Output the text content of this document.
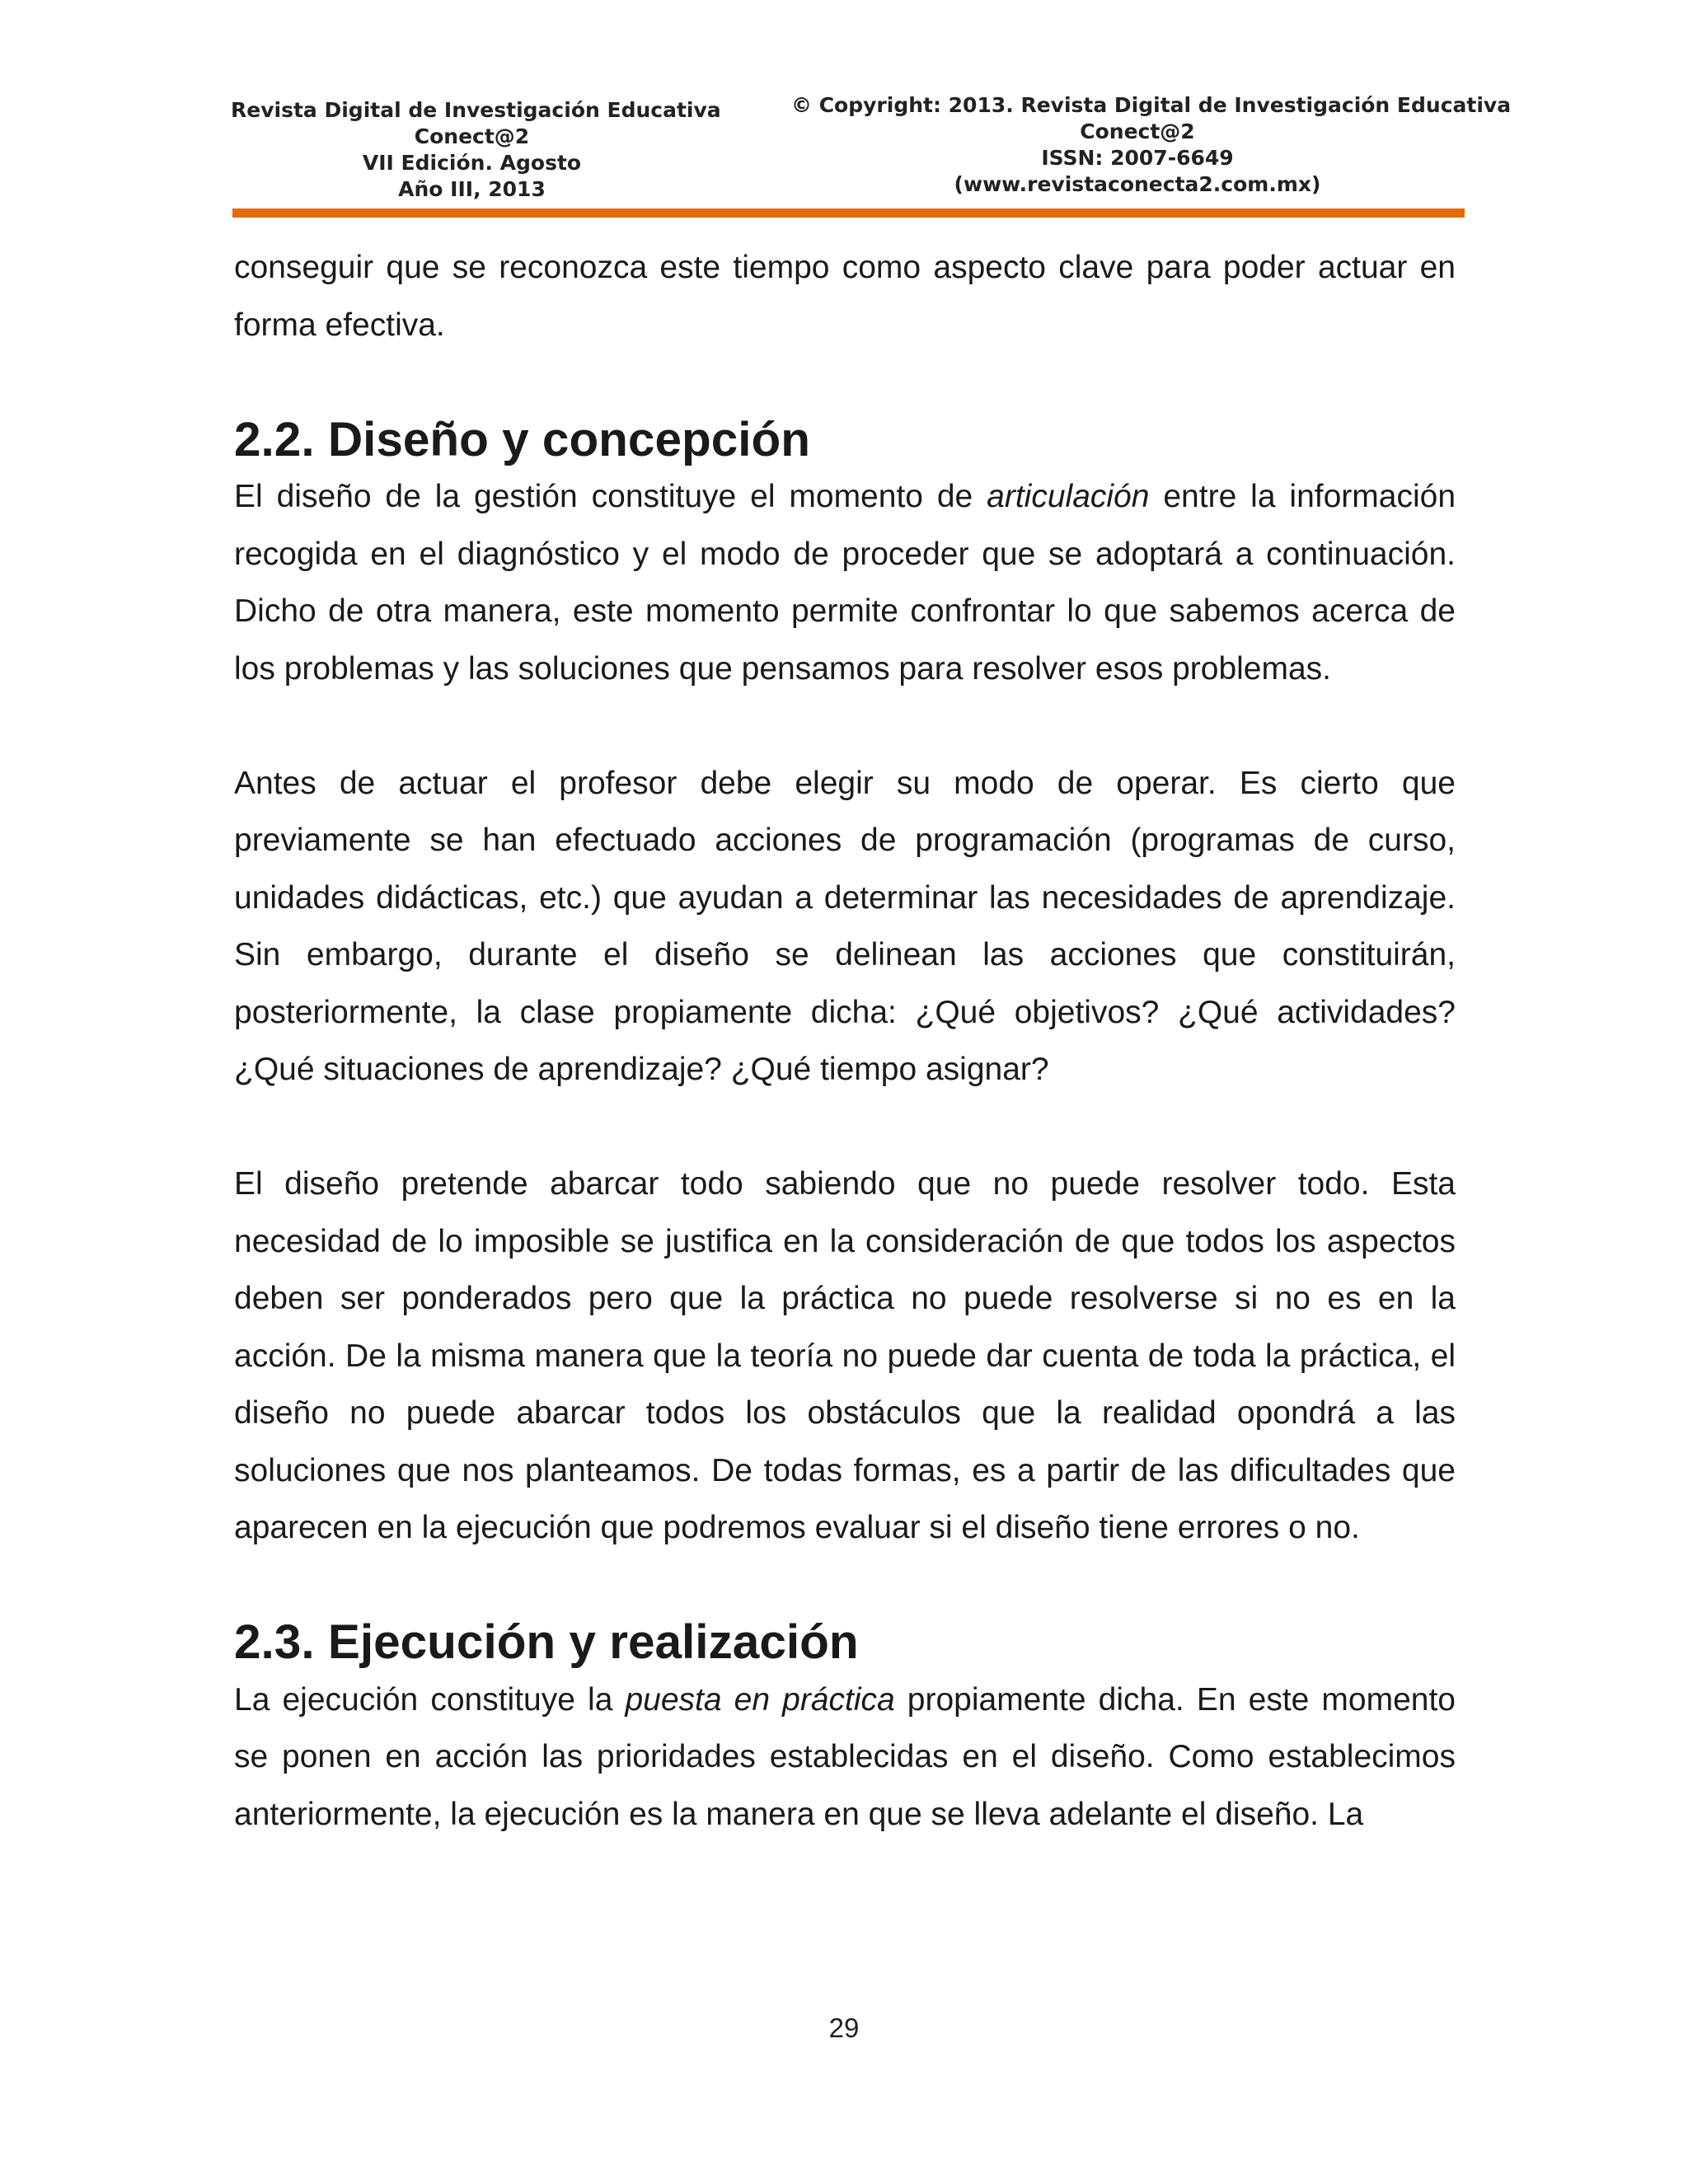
Revista Digital de Investigación Educativa
Conect@2
VII Edición. Agosto
Año III, 2013
© Copyright: 2013. Revista Digital de Investigación Educativa
Conect@2
ISSN: 2007-6649
(www.revistaconecta2.com.mx)

conseguir que se reconozca este tiempo como aspecto clave para poder actuar en forma efectiva.

2.2. Diseño y concepción

El diseño de la gestión constituye el momento de articulación entre la información recogida en el diagnóstico y el modo de proceder que se adoptará a continuación. Dicho de otra manera, este momento permite confrontar lo que sabemos acerca de los problemas y las soluciones que pensamos para resolver esos problemas.

Antes de actuar el profesor debe elegir su modo de operar. Es cierto que previamente se han efectuado acciones de programación (programas de curso, unidades didácticas, etc.) que ayudan a determinar las necesidades de aprendizaje. Sin embargo, durante el diseño se delinean las acciones que constituirán, posteriormente, la clase propiamente dicha: ¿Qué objetivos? ¿Qué actividades? ¿Qué situaciones de aprendizaje? ¿Qué tiempo asignar?

El diseño pretende abarcar todo sabiendo que no puede resolver todo. Esta necesidad de lo imposible se justifica en la consideración de que todos los aspectos deben ser ponderados pero que la práctica no puede resolverse si no es en la acción. De la misma manera que la teoría no puede dar cuenta de toda la práctica, el diseño no puede abarcar todos los obstáculos que la realidad opondrá a las soluciones que nos planteamos. De todas formas, es a partir de las dificultades que aparecen en la ejecución que podremos evaluar si el diseño tiene errores o no.

2.3. Ejecución y realización

La ejecución constituye la puesta en práctica propiamente dicha. En este momento se ponen en acción las prioridades establecidas en el diseño. Como establecimos anteriormente, la ejecución es la manera en que se lleva adelante el diseño. La

29
